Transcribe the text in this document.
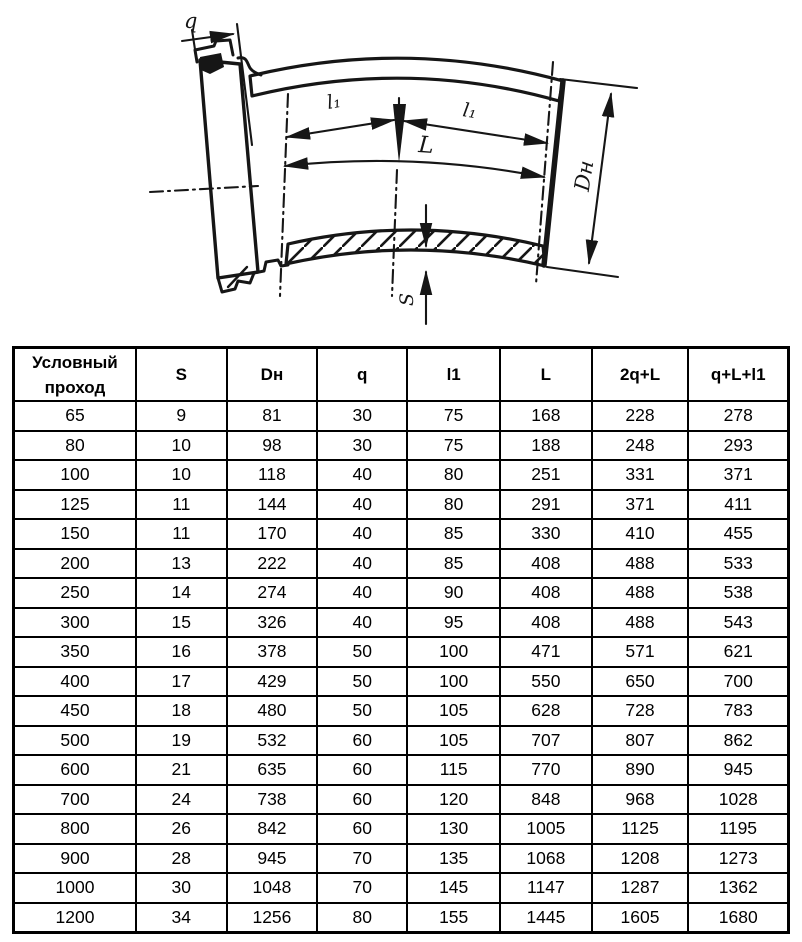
q
l₁	l₁
L
Dн
S
Условный проход	S	Dн	q	l1	L	2q+L	q+L+l1
65	9	81	30	75	168	228	278
80	10	98	30	75	188	248	293
100	10	118	40	80	251	331	371
125	11	144	40	80	291	371	411
150	11	170	40	85	330	410	455
200	13	222	40	85	408	488	533
250	14	274	40	90	408	488	538
300	15	326	40	95	408	488	543
350	16	378	50	100	471	571	621
400	17	429	50	100	550	650	700
450	18	480	50	105	628	728	783
500	19	532	60	105	707	807	862
600	21	635	60	115	770	890	945
700	24	738	60	120	848	968	1028
800	26	842	60	130	1005	1125	1195
900	28	945	70	135	1068	1208	1273
1000	30	1048	70	145	1147	1287	1362
1200	34	1256	80	155	1445	1605	1680
